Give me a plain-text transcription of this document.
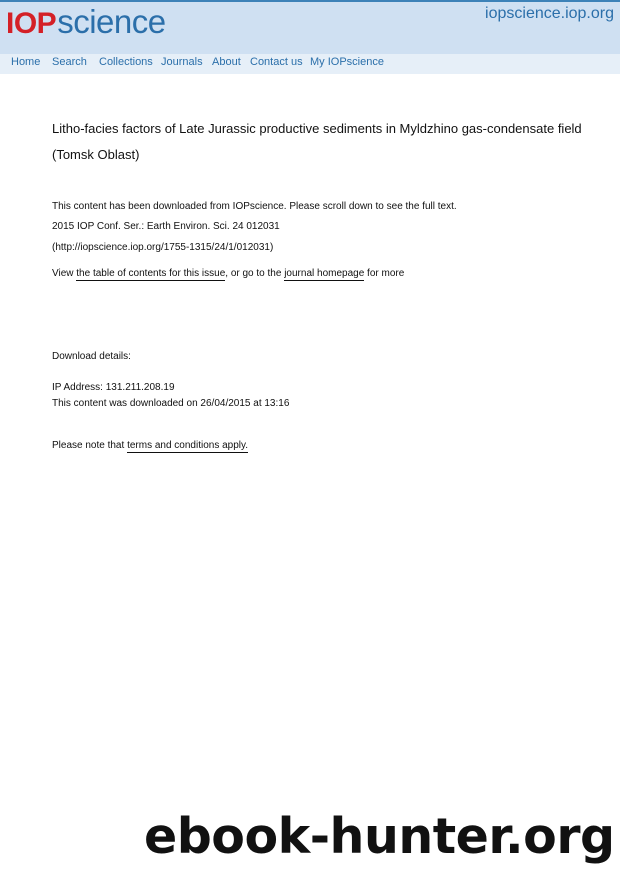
IOPscience	iopscience.iop.org
Home Search Collections Journals About Contact us My IOPscience
Litho-facies factors of Late Jurassic productive sediments in Myldzhino gas-condensate field
(Tomsk Oblast)
This content has been downloaded from IOPscience. Please scroll down to see the full text.
2015 IOP Conf. Ser.: Earth Environ. Sci. 24 012031
(http://iopscience.iop.org/1755-1315/24/1/012031)
View the table of contents for this issue, or go to the journal homepage for more
Download details:
IP Address: 131.211.208.19
This content was downloaded on 26/04/2015 at 13:16
Please note that terms and conditions apply.
ebook-hunter.org
